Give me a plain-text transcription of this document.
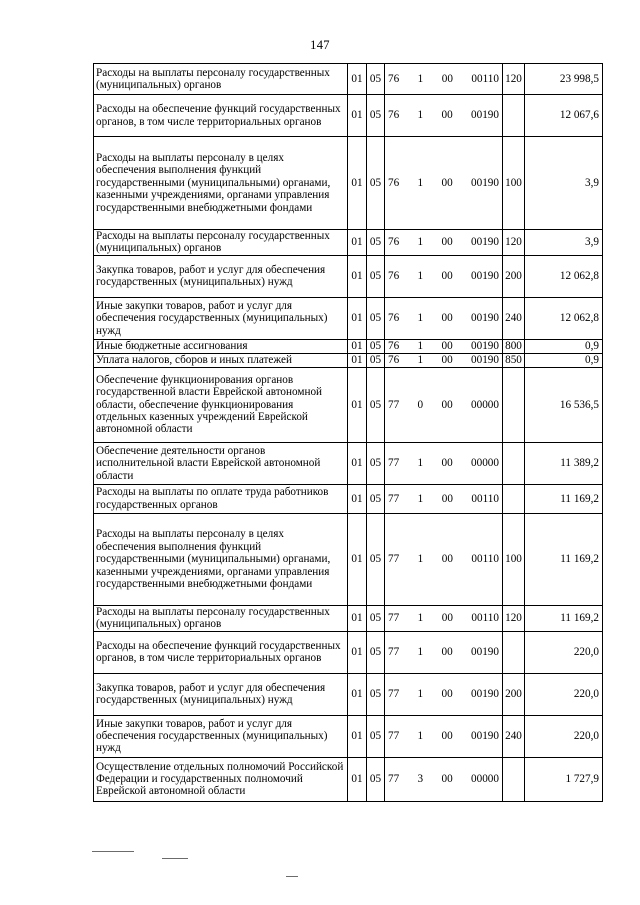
147
Расходы на выплаты персоналу государственных (муниципальных) органов	01	05	76 1 00 00110	120	23 998,5
Расходы на обеспечение функций государственных органов, в том числе территориальных органов	01	05	76 1 00 00190		12 067,6
Расходы на выплаты персоналу в целях обеспечения выполнения функций государственными (муниципальными) органами, казенными учреждениями, органами управления государственными внебюджетными фондами	01	05	76 1 00 00190	100	3,9
Расходы на выплаты персоналу государственных (муниципальных) органов	01	05	76 1 00 00190	120	3,9
Закупка товаров, работ и услуг для обеспечения государственных (муниципальных) нужд	01	05	76 1 00 00190	200	12 062,8
Иные закупки товаров, работ и услуг для обеспечения государственных (муниципальных) нужд	01	05	76 1 00 00190	240	12 062,8
Иные бюджетные ассигнования	01	05	76 1 00 00190	800	0,9
Уплата налогов, сборов и иных платежей	01	05	76 1 00 00190	850	0,9
Обеспечение функционирования органов государственной власти Еврейской автономной области, обеспечение функционирования отдельных казенных учреждений Еврейской автономной области	01	05	77 0 00 00000		16 536,5
Обеспечение деятельности органов исполнительной власти Еврейской автономной области	01	05	77 1 00 00000		11 389,2
Расходы на выплаты по оплате труда работников государственных органов	01	05	77 1 00 00110		11 169,2
Расходы на выплаты персоналу в целях обеспечения выполнения функций государственными (муниципальными) органами, казенными учреждениями, органами управления государственными внебюджетными фондами	01	05	77 1 00 00110	100	11 169,2
Расходы на выплаты персоналу государственных (муниципальных) органов	01	05	77 1 00 00110	120	11 169,2
Расходы на обеспечение функций государственных органов, в том числе территориальных органов	01	05	77 1 00 00190		220,0
Закупка товаров, работ и услуг для обеспечения государственных (муниципальных) нужд	01	05	77 1 00 00190	200	220,0
Иные закупки товаров, работ и услуг для обеспечения государственных (муниципальных) нужд	01	05	77 1 00 00190	240	220,0
Осуществление отдельных полномочий Российской Федерации и государственных полномочий Еврейской автономной области	01	05	77 3 00 00000		1 727,9
